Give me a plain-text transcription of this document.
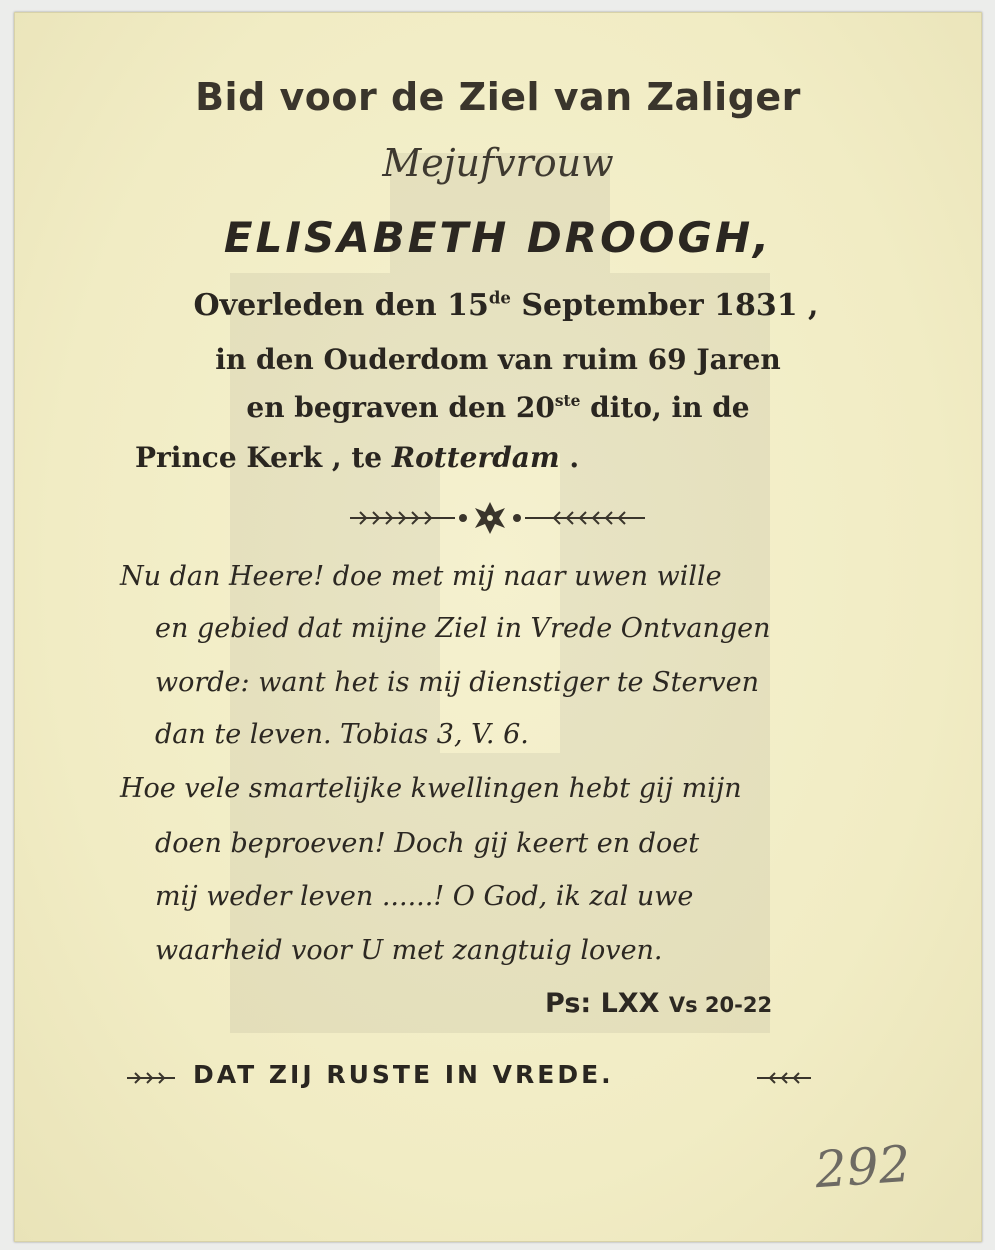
Bid voor de Ziel van Zaliger
Mejufvrouw
ELISABETH DROOGH,
Overleden den 15de September 1831 ,
in den Ouderdom van ruim 69 Jaren
en begraven den 20ste dito, in de
Prince Kerk , te Rotterdam .
Nu dan Heere! doe met mij naar uwen wille
en gebied dat mijne Ziel in Vrede Ontvangen
worde: want het is mij dienstiger te Sterven
dan te leven. Tobias 3, V. 6.
Hoe vele smartelijke kwellingen hebt gij mijn
doen beproeven! Doch gij keert en doet
mij weder leven ......! O God, ik zal uwe
waarheid voor U met zangtuig loven.
Ps: LXX Vs 20-22
DAT ZIJ RUSTE IN VREDE.
292
